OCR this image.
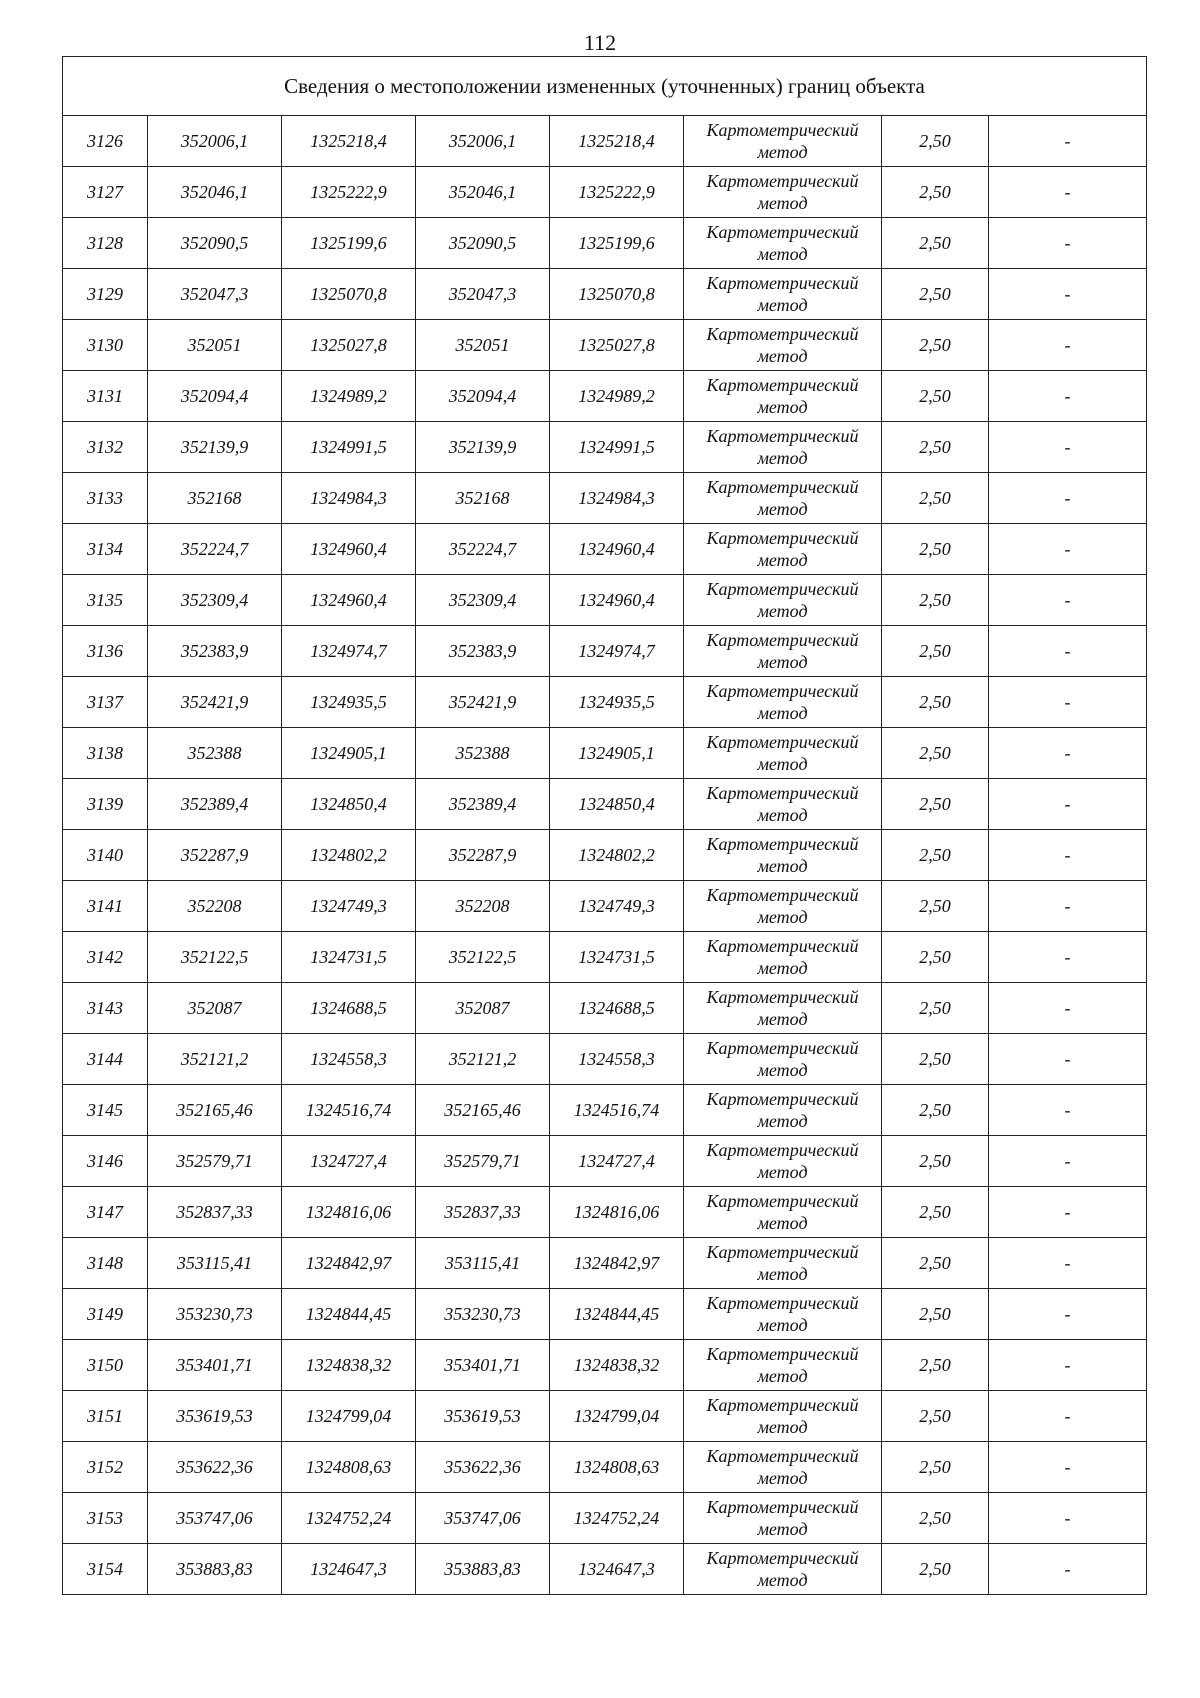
112
Сведения о местоположении измененных (уточненных) границ объекта							
3126	352006,1	1325218,4	352006,1	1325218,4	Картометрический метод	2,50	-
3127	352046,1	1325222,9	352046,1	1325222,9	Картометрический метод	2,50	-
3128	352090,5	1325199,6	352090,5	1325199,6	Картометрический метод	2,50	-
3129	352047,3	1325070,8	352047,3	1325070,8	Картометрический метод	2,50	-
3130	352051	1325027,8	352051	1325027,8	Картометрический метод	2,50	-
3131	352094,4	1324989,2	352094,4	1324989,2	Картометрический метод	2,50	-
3132	352139,9	1324991,5	352139,9	1324991,5	Картометрический метод	2,50	-
3133	352168	1324984,3	352168	1324984,3	Картометрический метод	2,50	-
3134	352224,7	1324960,4	352224,7	1324960,4	Картометрический метод	2,50	-
3135	352309,4	1324960,4	352309,4	1324960,4	Картометрический метод	2,50	-
3136	352383,9	1324974,7	352383,9	1324974,7	Картометрический метод	2,50	-
3137	352421,9	1324935,5	352421,9	1324935,5	Картометрический метод	2,50	-
3138	352388	1324905,1	352388	1324905,1	Картометрический метод	2,50	-
3139	352389,4	1324850,4	352389,4	1324850,4	Картометрический метод	2,50	-
3140	352287,9	1324802,2	352287,9	1324802,2	Картометрический метод	2,50	-
3141	352208	1324749,3	352208	1324749,3	Картометрический метод	2,50	-
3142	352122,5	1324731,5	352122,5	1324731,5	Картометрический метод	2,50	-
3143	352087	1324688,5	352087	1324688,5	Картометрический метод	2,50	-
3144	352121,2	1324558,3	352121,2	1324558,3	Картометрический метод	2,50	-
3145	352165,46	1324516,74	352165,46	1324516,74	Картометрический метод	2,50	-
3146	352579,71	1324727,4	352579,71	1324727,4	Картометрический метод	2,50	-
3147	352837,33	1324816,06	352837,33	1324816,06	Картометрический метод	2,50	-
3148	353115,41	1324842,97	353115,41	1324842,97	Картометрический метод	2,50	-
3149	353230,73	1324844,45	353230,73	1324844,45	Картометрический метод	2,50	-
3150	353401,71	1324838,32	353401,71	1324838,32	Картометрический метод	2,50	-
3151	353619,53	1324799,04	353619,53	1324799,04	Картометрический метод	2,50	-
3152	353622,36	1324808,63	353622,36	1324808,63	Картометрический метод	2,50	-
3153	353747,06	1324752,24	353747,06	1324752,24	Картометрический метод	2,50	-
3154	353883,83	1324647,3	353883,83	1324647,3	Картометрический метод	2,50	-
